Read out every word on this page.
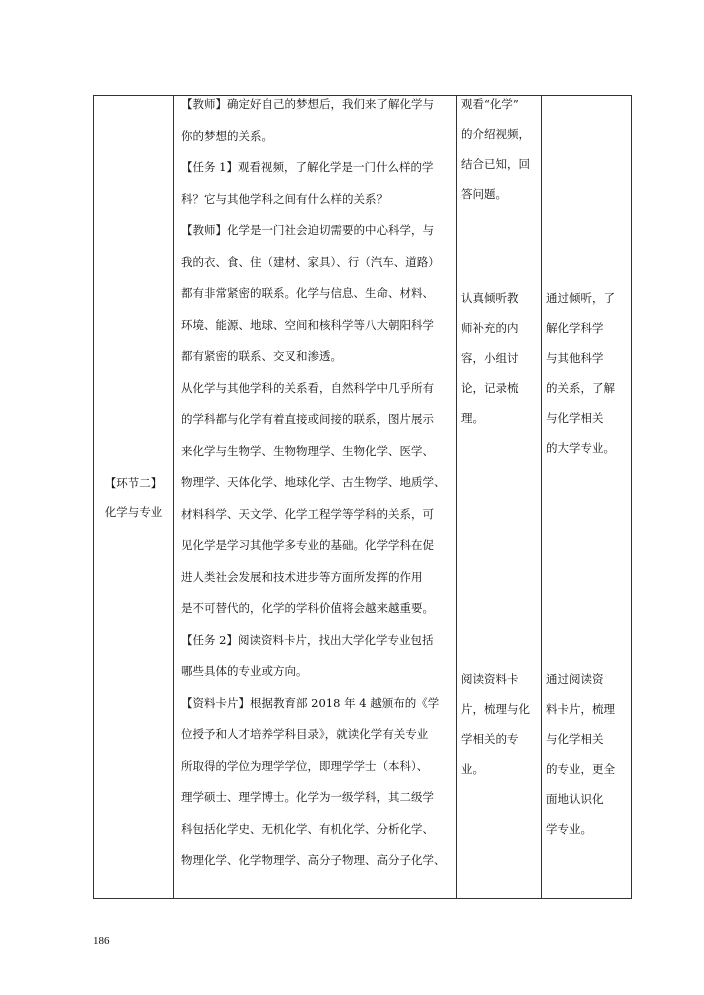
【环节二】
化学与专业
【教师】确定好自己的梦想后，我们来了解化学与
你的梦想的关系。
【任务 1】观看视频，了解化学是一门什么样的学
科？它与其他学科之间有什么样的关系？
【教师】化学是一门社会迫切需要的中心科学，与
我的衣、食、住（建材、家具）、行（汽车、道路）
都有非常紧密的联系。化学与信息、生命、材料、
环境、能源、地球、空间和核科学等八大朝阳科学
都有紧密的联系、交叉和渗透。
从化学与其他学科的关系看，自然科学中几乎所有
的学科都与化学有着直接或间接的联系，图片展示
来化学与生物学、生物物理学、生物化学、医学、
物理学、天体化学、地球化学、古生物学、地质学、
材料科学、天文学、化学工程学等学科的关系，可
见化学是学习其他学多专业的基础。化学学科在促
进人类社会发展和技术进步等方面所发挥的作用
是不可替代的，化学的学科价值将会越来越重要。
【任务 2】阅读资料卡片，找出大学化学专业包括
哪些具体的专业或方向。
【资料卡片】根据教育部 2018 年 4 越颁布的《学
位授予和人才培养学科目录》，就读化学有关专业
所取得的学位为理学学位，即理学学士（本科）、
理学硕士、理学博士。化学为一级学科，其二级学
科包括化学史、无机化学、有机化学、分析化学、
物理化学、化学物理学、高分子物理、高分子化学、
观看“化学”
的介绍视频，
结合已知，回
答问题。
认真倾听教
师补充的内
容，小组讨
论，记录梳
理。
阅读资料卡
片，梳理与化
学相关的专
业。
通过倾听，了
解化学科学
与其他科学
的关系，了解
与化学相关
的大学专业。
通过阅读资
料卡片，梳理
与化学相关
的专业，更全
面地认识化
学专业。
186
